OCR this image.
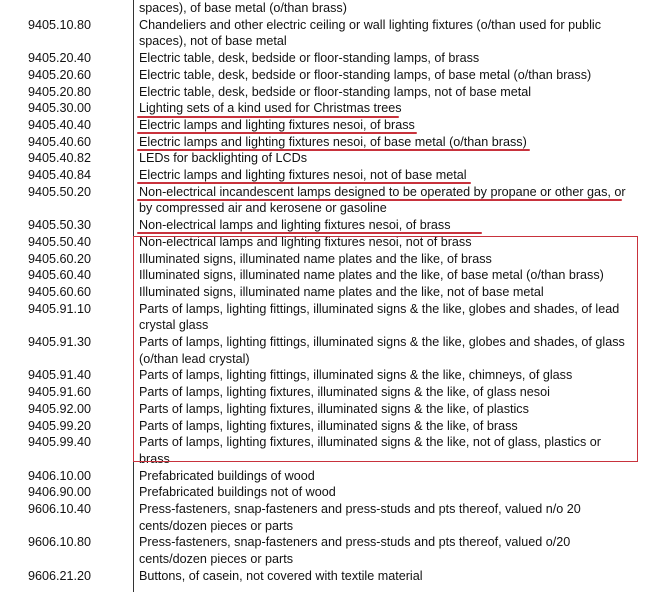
spaces), of base metal (o/than brass)
9405.10.80	Chandeliers and other electric ceiling or wall lighting fixtures (o/than used for public
spaces), not of base metal
9405.20.40	Electric table, desk, bedside or floor-standing lamps, of brass
9405.20.60	Electric table, desk, bedside or floor-standing lamps, of base metal (o/than brass)
9405.20.80	Electric table, desk, bedside or floor-standing lamps, not of base metal
9405.30.00	Lighting sets of a kind used for Christmas trees
9405.40.40	Electric lamps and lighting fixtures nesoi, of brass
9405.40.60	Electric lamps and lighting fixtures nesoi, of base metal (o/than brass)
9405.40.82	LEDs for backlighting of LCDs
9405.40.84	Electric lamps and lighting fixtures nesoi, not of base metal
9405.50.20	Non-electrical incandescent lamps designed to be operated by propane or other gas, or
by compressed air and kerosene or gasoline
9405.50.30	Non-electrical lamps and lighting fixtures nesoi, of brass
9405.50.40	Non-electrical lamps and lighting fixtures nesoi, not of brass
9405.60.20	Illuminated signs, illuminated name plates and the like, of brass
9405.60.40	Illuminated signs, illuminated name plates and the like, of base metal (o/than brass)
9405.60.60	Illuminated signs, illuminated name plates and the like, not of base metal
9405.91.10	Parts of lamps, lighting fittings, illuminated signs & the like, globes and shades, of lead
crystal glass
9405.91.30	Parts of lamps, lighting fittings, illuminated signs & the like, globes and shades, of glass
(o/than lead crystal)
9405.91.40	Parts of lamps, lighting fittings, illuminated signs & the like, chimneys, of glass
9405.91.60	Parts of lamps, lighting fixtures, illuminated signs & the like, of glass nesoi
9405.92.00	Parts of lamps, lighting fixtures, illuminated signs & the like, of plastics
9405.99.20	Parts of lamps, lighting fixtures, illuminated signs & the like, of brass
9405.99.40	Parts of lamps, lighting fixtures, illuminated signs & the like, not of glass, plastics or
brass
9406.10.00	Prefabricated buildings of wood
9406.90.00	Prefabricated buildings not of wood
9606.10.40	Press-fasteners, snap-fasteners and press-studs and pts thereof, valued n/o 20
cents/dozen pieces or parts
9606.10.80	Press-fasteners, snap-fasteners and press-studs and pts thereof, valued o/20
cents/dozen pieces or parts
9606.21.20	Buttons, of casein, not covered with textile material
